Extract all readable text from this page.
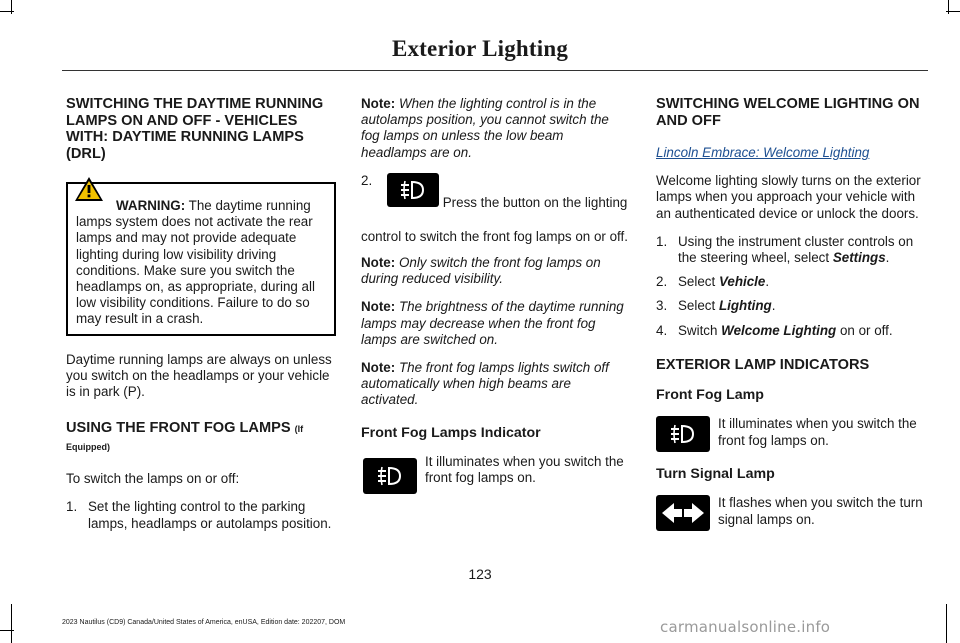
Exterior Lighting
SWITCHING THE DAYTIME RUNNING LAMPS ON AND OFF - VEHICLES WITH: DAYTIME RUNNING LAMPS (DRL)
WARNING: The daytime running lamps system does not activate the rear lamps and may not provide adequate lighting during low visibility driving conditions. Make sure you switch the headlamps on, as appropriate, during all low visibility conditions. Failure to do so may result in a crash.

Daytime running lamps are always on unless you switch on the headlamps or your vehicle is in park (P).

USING THE FRONT FOG LAMPS (If Equipped)

To switch the lamps on or off:

1. Set the lighting control to the parking lamps, headlamps or autolamps position.

Note: When the lighting control is in the autolamps position, you cannot switch the fog lamps on unless the low beam headlamps are on.

2.
Press the button on the lighting control to switch the front fog lamps on or off.

Note: Only switch the front fog lamps on during reduced visibility.

Note: The brightness of the daytime running lamps may decrease when the front fog lamps are switched on.

Note: The front fog lamps lights switch off automatically when high beams are activated.

Front Fog Lamps Indicator
It illuminates when you switch the front fog lamps on.
SWITCHING WELCOME LIGHTING ON AND OFF

Lincoln Embrace: Welcome Lighting

Welcome lighting slowly turns on the exterior lamps when you approach your vehicle with an authenticated device or unlock the doors.

1. Using the instrument cluster controls on the steering wheel, select Settings.
2. Select Vehicle.
3. Select Lighting.
4. Switch Welcome Lighting on or off.
EXTERIOR LAMP INDICATORS
Front Fog Lamp
It illuminates when you switch the front fog lamps on.
Turn Signal Lamp
It flashes when you switch the turn signal lamps on.
123
2023 Nautilus (CD9) Canada/United States of America, enUSA, Edition date: 202207, DOM	carmanualsonline.info
